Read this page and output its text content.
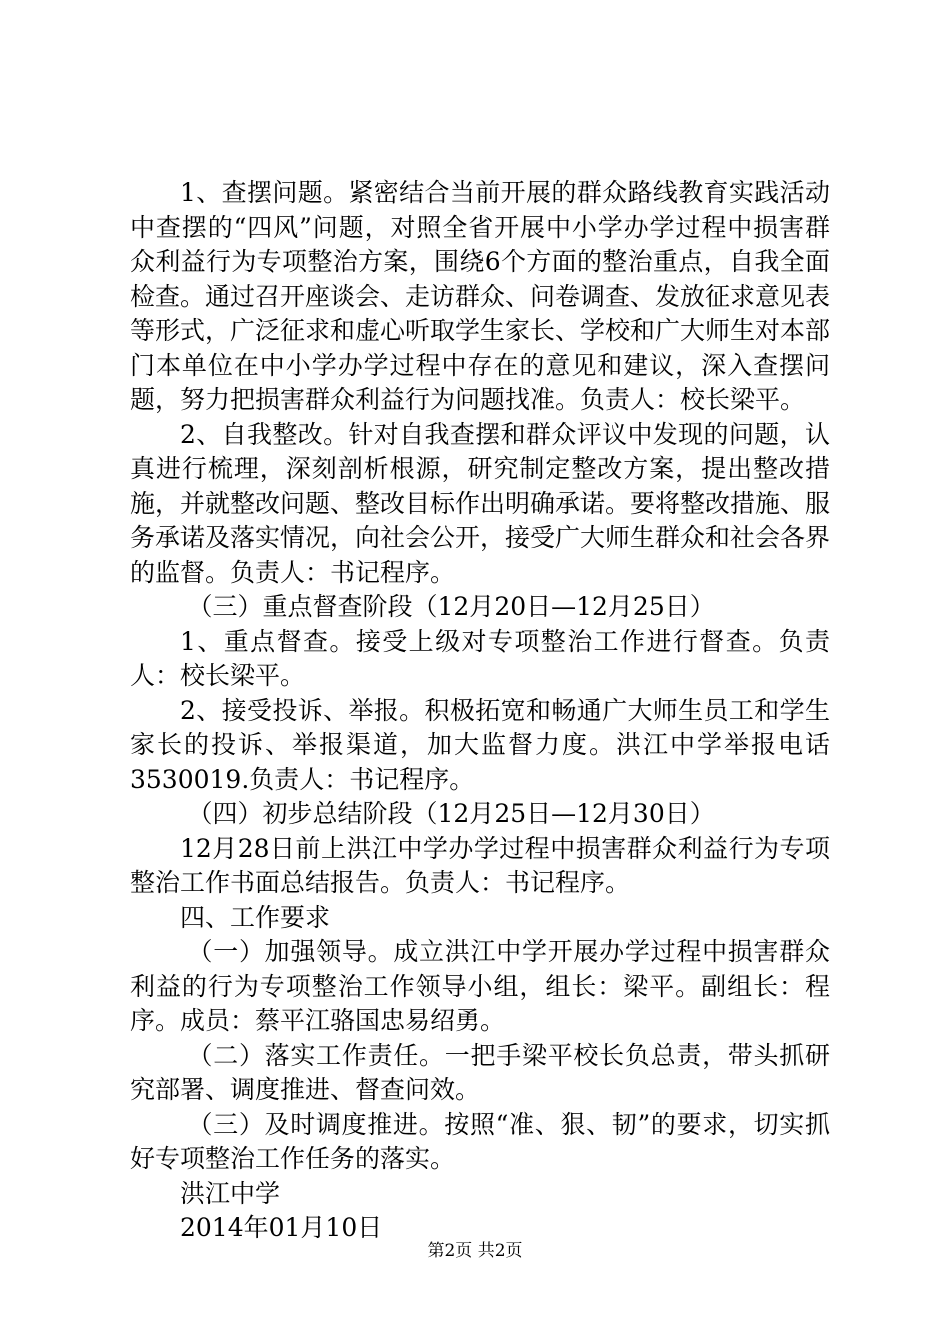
1、查摆问题。紧密结合当前开展的群众路线教育实践活动中查摆的“四风”问题，对照全省开展中小学办学过程中损害群众利益行为专项整治方案，围绕6个方面的整治重点，自我全面检查。通过召开座谈会、走访群众、问卷调查、发放征求意见表等形式，广泛征求和虚心听取学生家长、学校和广大师生对本部门本单位在中小学办学过程中存在的意见和建议，深入查摆问题，努力把损害群众利益行为问题找准。负责人：校长梁平。

2、自我整改。针对自我查摆和群众评议中发现的问题，认真进行梳理，深刻剖析根源，研究制定整改方案，提出整改措施，并就整改问题、整改目标作出明确承诺。要将整改措施、服务承诺及落实情况，向社会公开，接受广大师生群众和社会各界的监督。负责人：书记程序。

（三）重点督查阶段（12月20日—12月25日）

1、重点督查。接受上级对专项整治工作进行督查。负责人：校长梁平。

2、接受投诉、举报。积极拓宽和畅通广大师生员工和学生家长的投诉、举报渠道，加大监督力度。洪江中学举报电话3530019.负责人：书记程序。

（四）初步总结阶段（12月25日—12月30日）

12月28日前上洪江中学办学过程中损害群众利益行为专项整治工作书面总结报告。负责人：书记程序。

四、工作要求

（一）加强领导。成立洪江中学开展办学过程中损害群众利益的行为专项整治工作领导小组，组长：梁平。副组长：程序。成员：蔡平江骆国忠易绍勇。

（二）落实工作责任。一把手梁平校长负总责，带头抓研究部署、调度推进、督查问效。

（三）及时调度推进。按照“准、狠、韧”的要求，切实抓好专项整治工作任务的落实。

洪江中学

2014年01月10日

第2页 共2页
